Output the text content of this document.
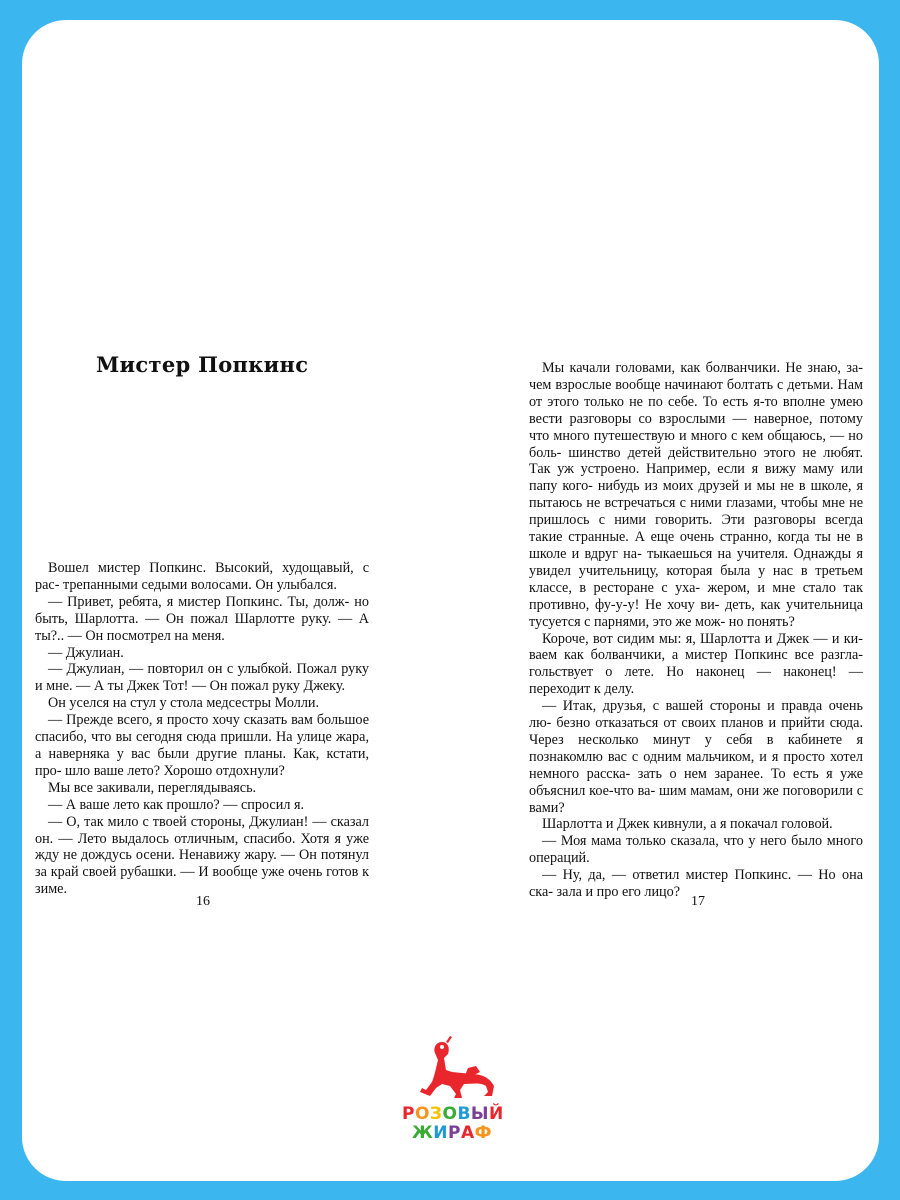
Мистер Попкинс

Вошел мистер Попкинс. Высокий, худощавый, с рас- трепанными седыми волосами. Он улыбался.

— Привет, ребята, я мистер Попкинс. Ты, долж- но быть, Шарлотта. — Он пожал Шарлотте руку. — А ты?.. — Он посмотрел на меня.

— Джулиан.

— Джулиан, — повторил он с улыбкой. Пожал руку и мне. — А ты Джек Тот! — Он пожал руку Джеку.

Он уселся на стул у стола медсестры Молли.

— Прежде всего, я просто хочу сказать вам большое спасибо, что вы сегодня сюда пришли. На улице жара, а наверняка у вас были другие планы. Как, кстати, про- шло ваше лето? Хорошо отдохнули?

Мы все закивали, переглядываясь.

— А ваше лето как прошло? — спросил я.

— О, так мило с твоей стороны, Джулиан! — сказал он. — Лето выдалось отличным, спасибо. Хотя я уже жду не дождусь осени. Ненавижу жару. — Он потянул за край своей рубашки. — И вообще уже очень готов к зиме.

Мы качали головами, как болванчики. Не знаю, за- чем взрослые вообще начинают болтать с детьми. Нам от этого только не по себе. То есть я-то вполне умею вести разговоры со взрослыми — наверное, потому что много путешествую и много с кем общаюсь, — но боль- шинство детей действительно этого не любят. Так уж устроено. Например, если я вижу маму или папу кого- нибудь из моих друзей и мы не в школе, я пытаюсь не встречаться с ними глазами, чтобы мне не пришлось с ними говорить. Эти разговоры всегда такие странные. А еще очень странно, когда ты не в школе и вдруг на- тыкаешься на учителя. Однажды я увидел учительницу, которая была у нас в третьем классе, в ресторане с уха- жером, и мне стало так противно, фу-у-у! Не хочу ви- деть, как учительница тусуется с парнями, это же мож- но понять?

Короче, вот сидим мы: я, Шарлотта и Джек — и ки- ваем как болванчики, а мистер Попкинс все разгла- гольствует о лете. Но наконец — наконец! — переходит к делу.

— Итак, друзья, с вашей стороны и правда очень лю- безно отказаться от своих планов и прийти сюда. Через несколько минут у себя в кабинете я познакомлю вас с одним мальчиком, и я просто хотел немного расска- зать о нем заранее. То есть я уже объяснил кое-что ва- шим мамам, они же поговорили с вами?

Шарлотта и Джек кивнули, а я покачал головой.

— Моя мама только сказала, что у него было много операций.

— Ну, да, — ответил мистер Попкинс. — Но она ска- зала и про его лицо?

16	17
РОЗОВЫЙ
ЖИРАФ
